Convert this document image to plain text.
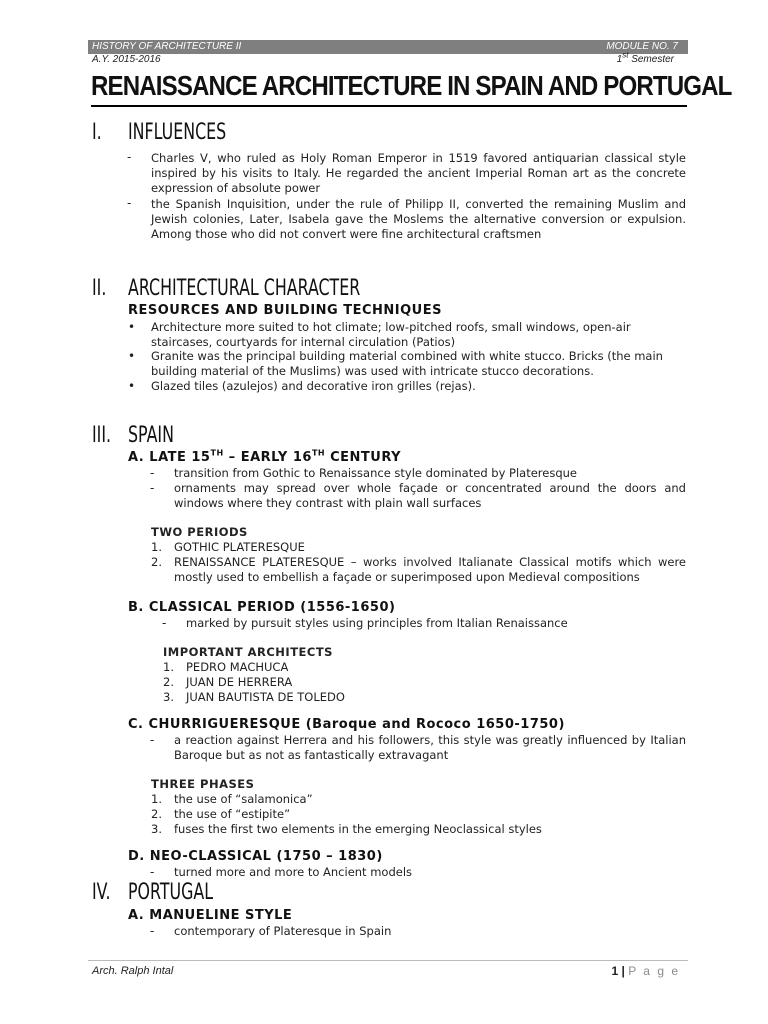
HISTORY OF ARCHITECTURE II	MODULE NO. 7
A.Y. 2015-2016	1st Semester
RENAISSANCE ARCHITECTURE IN SPAIN AND PORTUGAL
I. INFLUENCES
- Charles V, who ruled as Holy Roman Emperor in 1519 favored antiquarian classical style inspired by his visits to Italy. He regarded the ancient Imperial Roman art as the concrete expression of absolute power
- the Spanish Inquisition, under the rule of Philipp II, converted the remaining Muslim and Jewish colonies, Later, Isabela gave the Moslems the alternative conversion or expulsion. Among those who did not convert were fine architectural craftsmen
II. ARCHITECTURAL CHARACTER
RESOURCES AND BUILDING TECHNIQUES
• Architecture more suited to hot climate; low-pitched roofs, small windows, open-air staircases, courtyards for internal circulation (Patios)
• Granite was the principal building material combined with white stucco. Bricks (the main building material of the Muslims) was used with intricate stucco decorations.
• Glazed tiles (azulejos) and decorative iron grilles (rejas).
III. SPAIN
A. LATE 15TH – EARLY 16TH CENTURY
- transition from Gothic to Renaissance style dominated by Plateresque
- ornaments may spread over whole façade or concentrated around the doors and windows where they contrast with plain wall surfaces
TWO PERIODS
1. GOTHIC PLATERESQUE
2. RENAISSANCE PLATERESQUE – works involved Italianate Classical motifs which were mostly used to embellish a façade or superimposed upon Medieval compositions
B. CLASSICAL PERIOD (1556-1650)
- marked by pursuit styles using principles from Italian Renaissance
IMPORTANT ARCHITECTS
1. PEDRO MACHUCA
2. JUAN DE HERRERA
3. JUAN BAUTISTA DE TOLEDO
C. CHURRIGUERESQUE (Baroque and Rococo 1650-1750)
- a reaction against Herrera and his followers, this style was greatly influenced by Italian Baroque but as not as fantastically extravagant
THREE PHASES
1. the use of “salamonica”
2. the use of “estipite”
3. fuses the first two elements in the emerging Neoclassical styles
D. NEO-CLASSICAL (1750 – 1830)
- turned more and more to Ancient models
IV. PORTUGAL
A. MANUELINE STYLE
- contemporary of Plateresque in Spain
Arch. Ralph Intal	1 | P a g e
